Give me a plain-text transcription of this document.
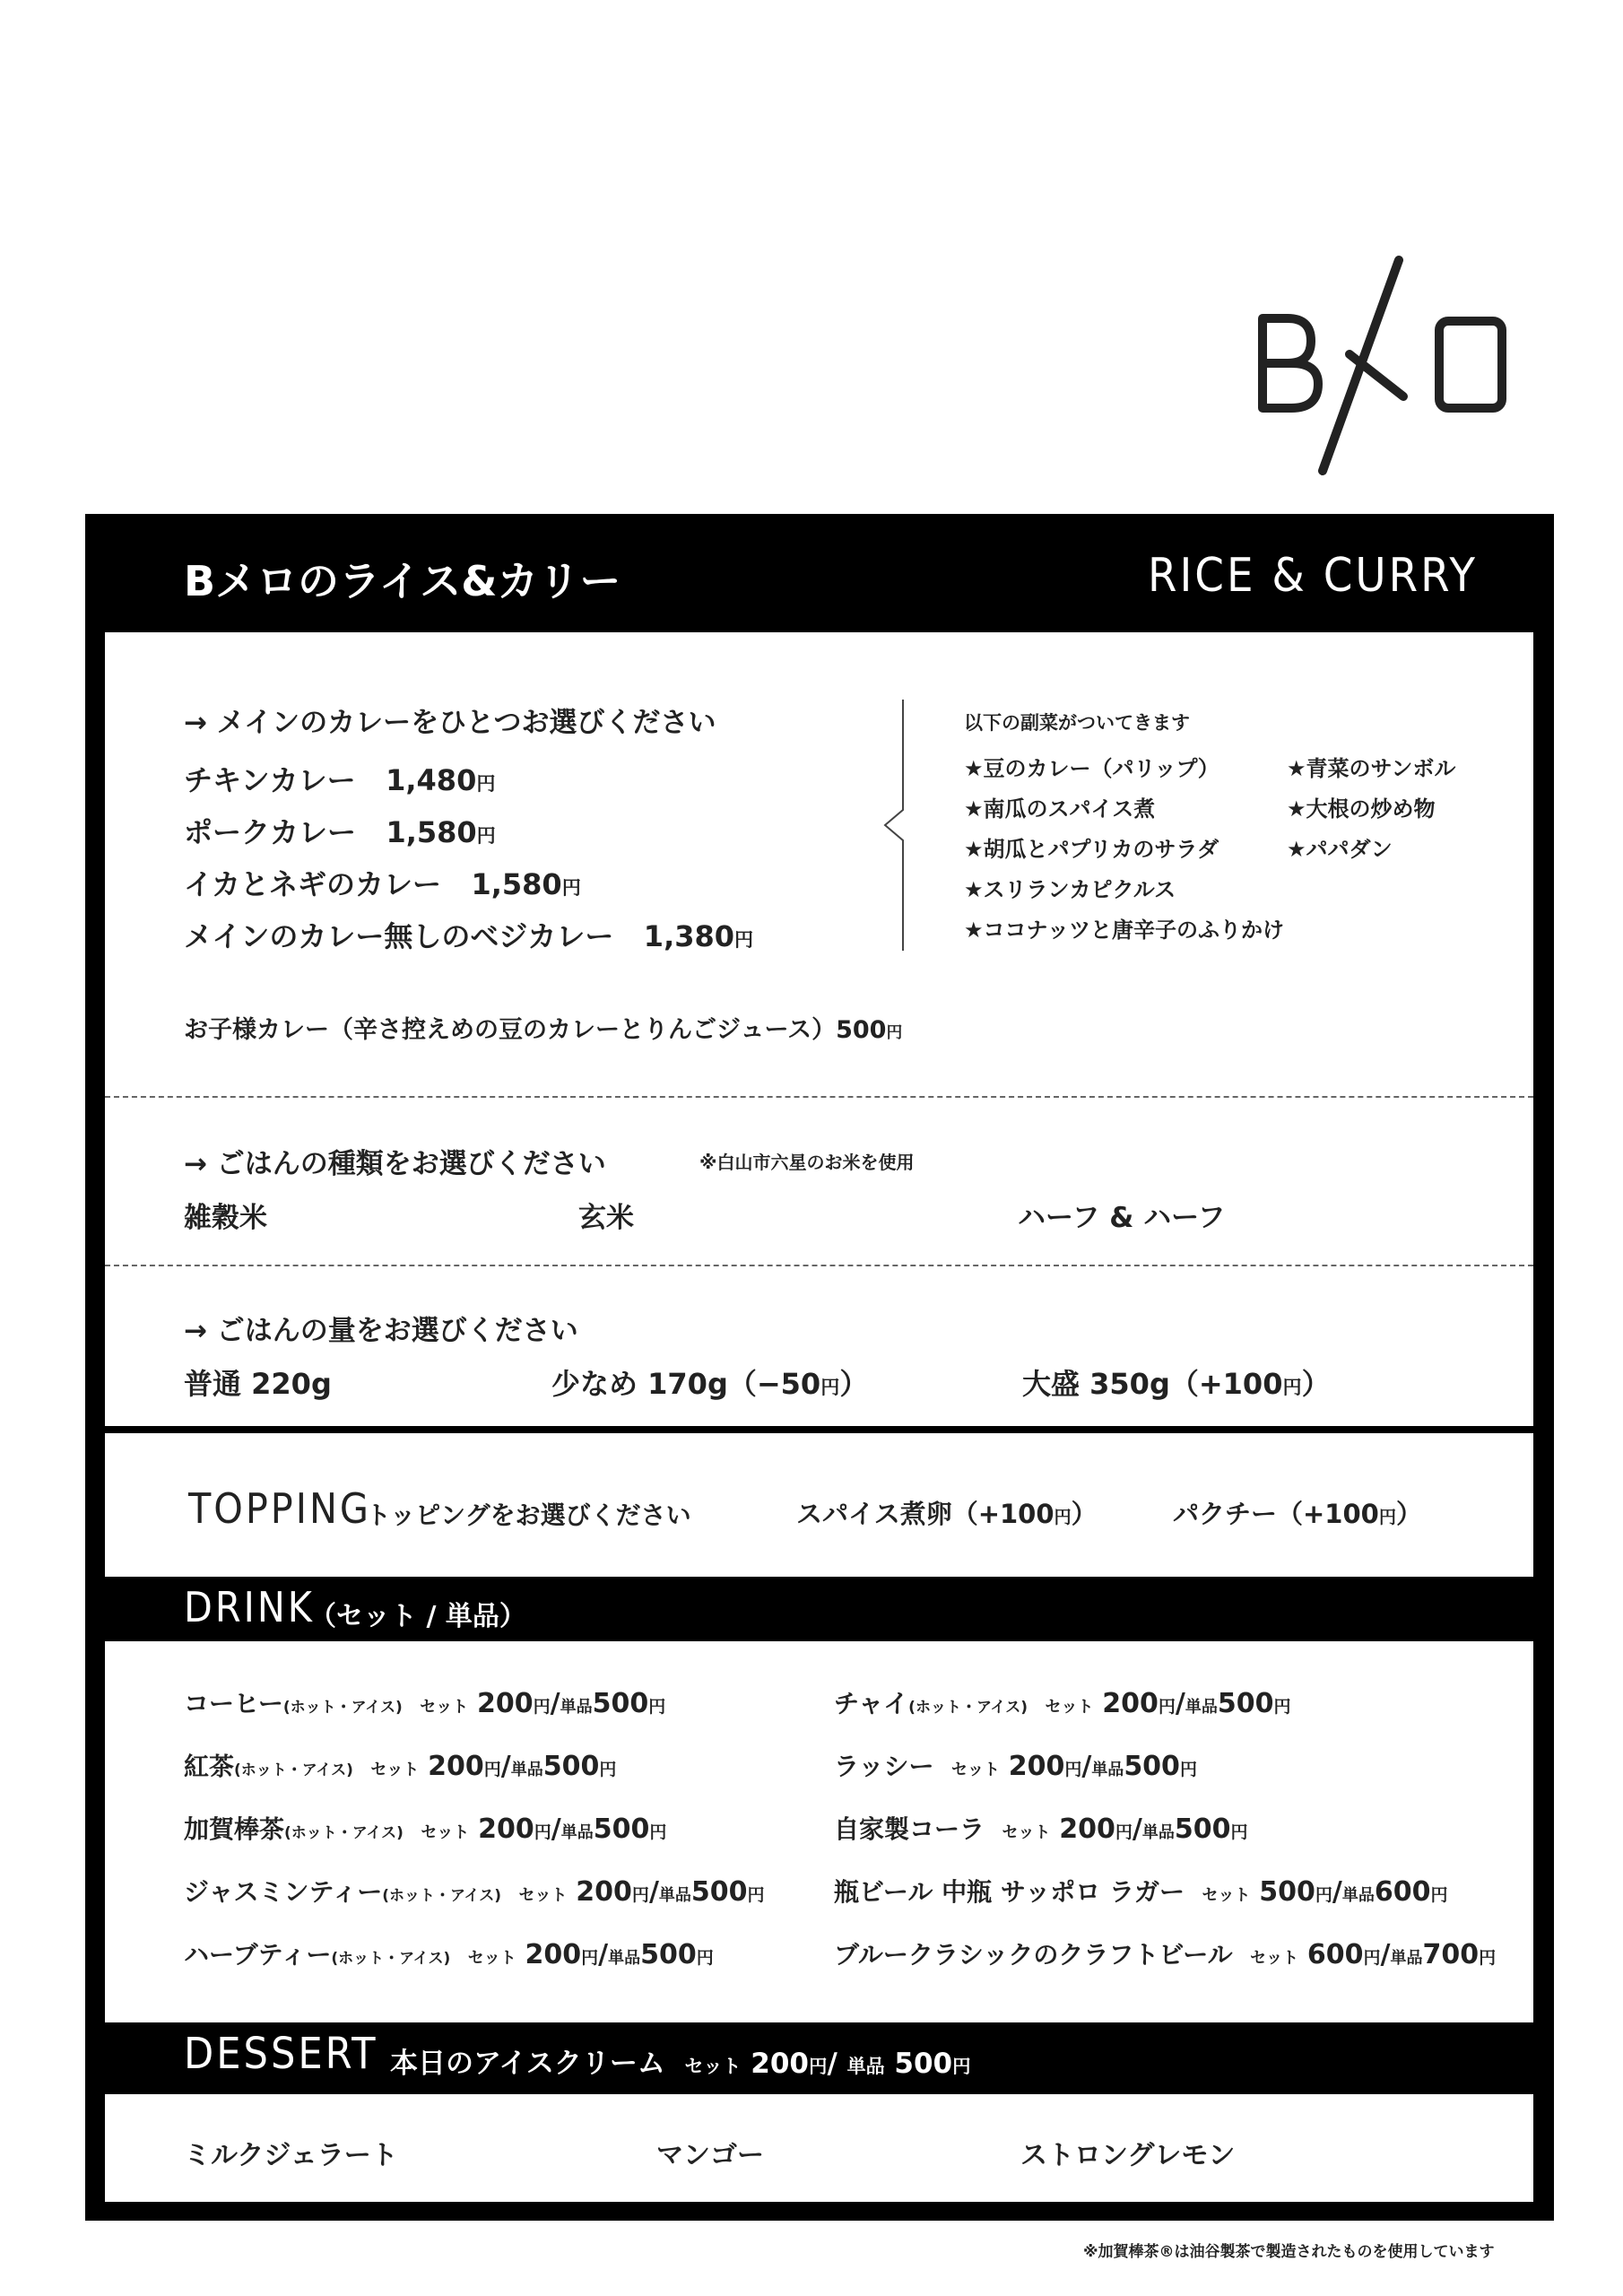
Bメロのライス&カリー	RICE & CURRY
→ メインのカレーをひとつお選びください
チキンカレー 1,480円
ポークカレー 1,580円
イカとネギのカレー 1,580円
メインのカレー無しのベジカレー 1,380円
以下の副菜がついてきます
★豆のカレー（パリップ）
★南瓜のスパイス煮
★胡瓜とパプリカのサラダ
★スリランカピクルス
★ココナッツと唐辛子のふりかけ
★青菜のサンボル
★大根の炒め物
★パパダン
お子様カレー（辛さ控えめの豆のカレーとりんごジュース）500円
→ ごはんの種類をお選びください	※白山市六星のお米を使用
雑穀米	玄米	ハーフ & ハーフ
→ ごはんの量をお選びください
普通 220g	少なめ 170g（−50円）	大盛 350g（+100円）
TOPPING
トッピングをお選びください	スパイス煮卵（+100円）	パクチー（+100円）
DRINK
（セット / 単品）
コーヒー(ホット・アイス) セット 200円/単品500円
紅茶(ホット・アイス) セット 200円/単品500円
加賀棒茶(ホット・アイス) セット 200円/単品500円
ジャスミンティー(ホット・アイス) セット 200円/単品500円
ハーブティー(ホット・アイス) セット 200円/単品500円
チャイ(ホット・アイス) セット 200円/単品500円
ラッシー セット 200円/単品500円
自家製コーラ セット 200円/単品500円
瓶ビール 中瓶 サッポロ ラガー セット 500円/単品600円
ブルークラシックのクラフトビール セット 600円/単品700円
DESSERT 本日のアイスクリーム セット 200円/ 単品 500円
ミルクジェラート	マンゴー	ストロングレモン
※加賀棒茶®は油谷製茶で製造されたものを使用しています
